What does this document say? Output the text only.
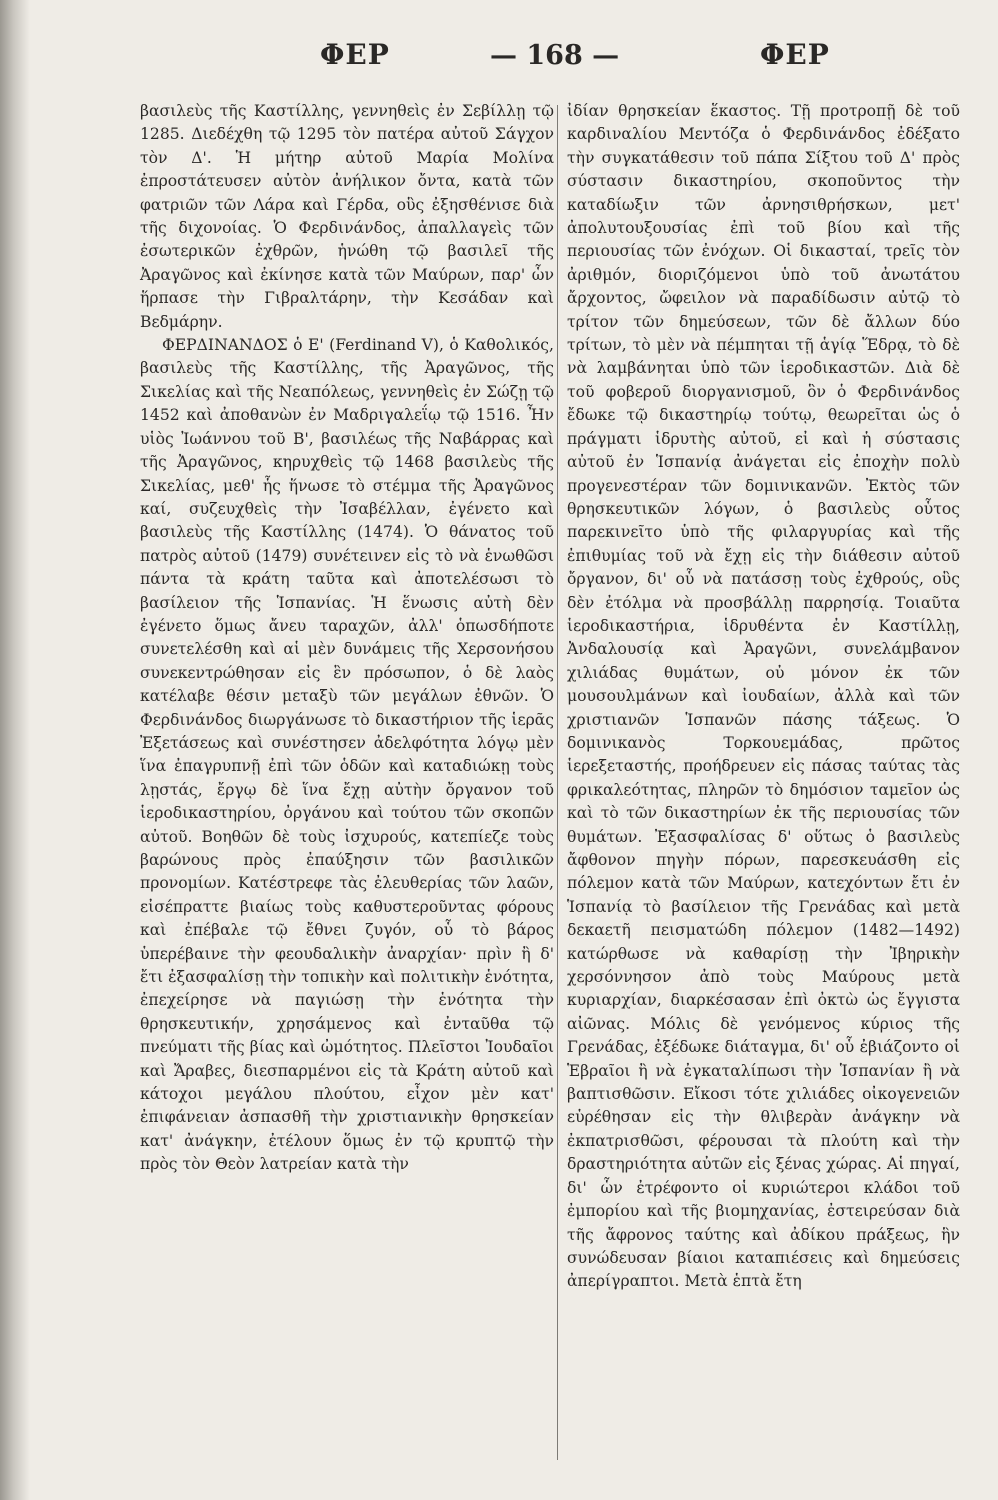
ΦΕΡ	— 168 —	ΦΕΡ

βασιλεὺς τῆς Καστίλλης, γεννηθεὶς ἐν Σεβίλλῃ τῷ 1285. Διεδέχθη τῷ 1295 τὸν πατέρα αὐτοῦ Σάγχον τὸν Δ'. Ἡ μήτηρ αὐτοῦ Μαρία Μολίνα ἐπροστάτευσεν αὐτὸν ἀνήλικον ὄντα, κατὰ τῶν φατριῶν τῶν Λάρα καὶ Γέρδα, οὓς ἐξησθένισε διὰ τῆς διχονοίας. Ὁ Φερδινάνδος, ἀπαλλαγεὶς τῶν ἐσωτερικῶν ἐχθρῶν, ἡνώθη τῷ βασιλεῖ τῆς Ἀραγῶνος καὶ ἐκίνησε κατὰ τῶν Μαύρων, παρ' ὧν ἥρπασε τὴν Γιβραλτάρην, τὴν Κεσάδαν καὶ Βεδμάρην.

ΦΕΡΔΙΝΑΝΔΟΣ ὁ Ε' (Ferdinand V), ὁ Καθολικός, βασιλεὺς τῆς Καστίλλης, τῆς Ἀραγῶνος, τῆς Σικελίας καὶ τῆς Νεαπόλεως, γεννηθεὶς ἐν Σώζῃ τῷ 1452 καὶ ἀποθανὼν ἐν Μαδριγαλεΐῳ τῷ 1516. Ἦν υἱὸς Ἰωάννου τοῦ Β', βασιλέως τῆς Ναβάρρας καὶ τῆς Ἀραγῶνος, κηρυχθεὶς τῷ 1468 βασιλεὺς τῆς Σικελίας, μεθ' ἧς ἥνωσε τὸ στέμμα τῆς Ἀραγῶνος καί, συζευχθεὶς τὴν Ἰσαβέλλαν, ἐγένετο καὶ βασιλεὺς τῆς Καστίλλης (1474). Ὁ θάνατος τοῦ πατρὸς αὐτοῦ (1479) συνέτεινεν εἰς τὸ νὰ ἑνωθῶσι πάντα τὰ κράτη ταῦτα καὶ ἀποτελέσωσι τὸ βασίλειον τῆς Ἱσπανίας. Ἡ ἕνωσις αὐτὴ δὲν ἐγένετο ὅμως ἄνευ ταραχῶν, ἀλλ' ὁπωσδήποτε συνετελέσθη καὶ αἱ μὲν δυνάμεις τῆς Χερσονήσου συνεκεντρώθησαν εἰς ἓν πρόσωπον, ὁ δὲ λαὸς κατέλαβε θέσιν μεταξὺ τῶν μεγάλων ἐθνῶν. Ὁ Φερδινάνδος διωργάνωσε τὸ δικαστήριον τῆς ἱερᾶς Ἐξετάσεως καὶ συνέστησεν ἀδελφότητα λόγῳ μὲν ἵνα ἐπαγρυπνῇ ἐπὶ τῶν ὁδῶν καὶ καταδιώκῃ τοὺς λῃστάς, ἔργῳ δὲ ἵνα ἔχῃ αὐτὴν ὄργανον τοῦ ἱεροδικαστηρίου, ὀργάνου καὶ τούτου τῶν σκοπῶν αὐτοῦ. Βοηθῶν δὲ τοὺς ἰσχυρούς, κατεπίεζε τοὺς βαρώνους πρὸς ἐπαύξησιν τῶν βασιλικῶν προνομίων. Κατέστρεφε τὰς ἐλευθερίας τῶν λαῶν, εἰσέπραττε βιαίως τοὺς καθυστεροῦντας φόρους καὶ ἐπέβαλε τῷ ἔθνει ζυγόν, οὗ τὸ βάρος ὑπερέβαινε τὴν φεουδαλικὴν ἀναρχίαν· πρὶν ἢ δ' ἔτι ἐξασφαλίσῃ τὴν τοπικὴν καὶ πολιτικὴν ἑνότητα, ἐπεχείρησε νὰ παγιώσῃ τὴν ἑνότητα τὴν θρησκευτικήν, χρησάμενος καὶ ἐνταῦθα τῷ πνεύματι τῆς βίας καὶ ὠμότητος. Πλεῖστοι Ἰουδαῖοι καὶ Ἄραβες, διεσπαρμένοι εἰς τὰ Κράτη αὐτοῦ καὶ κάτοχοι μεγάλου πλούτου, εἶχον μὲν κατ' ἐπιφάνειαν ἀσπασθῆ τὴν χριστιανικὴν θρησκείαν κατ' ἀνάγκην, ἐτέλουν ὅμως ἐν τῷ κρυπτῷ τὴν πρὸς τὸν Θεὸν λατρείαν κατὰ τὴν

ἰδίαν θρησκείαν ἕκαστος. Τῇ προτροπῇ δὲ τοῦ καρδιναλίου Μεντόζα ὁ Φερδινάνδος ἐδέξατο τὴν συγκατάθεσιν τοῦ πάπα Σίξτου τοῦ Δ' πρὸς σύστασιν δικαστηρίου, σκοποῦντος τὴν καταδίωξιν τῶν ἀρνησιθρήσκων, μετ' ἀπολυτουξουσίας ἐπὶ τοῦ βίου καὶ τῆς περιουσίας τῶν ἐνόχων. Οἱ δικασταί, τρεῖς τὸν ἀριθμόν, διοριζόμενοι ὑπὸ τοῦ ἀνωτάτου ἄρχοντος, ὤφειλον νὰ παραδίδωσιν αὐτῷ τὸ τρίτον τῶν δημεύσεων, τῶν δὲ ἄλλων δύο τρίτων, τὸ μὲν νὰ πέμπηται τῇ ἁγίᾳ Ἕδρᾳ, τὸ δὲ νὰ λαμβάνηται ὑπὸ τῶν ἱεροδικαστῶν. Διὰ δὲ τοῦ φοβεροῦ διοργανισμοῦ, ὃν ὁ Φερδινάνδος ἔδωκε τῷ δικαστηρίῳ τούτῳ, θεωρεῖται ὡς ὁ πράγματι ἱδρυτὴς αὐτοῦ, εἰ καὶ ἡ σύστασις αὐτοῦ ἐν Ἱσπανίᾳ ἀνάγεται εἰς ἐποχὴν πολὺ προγενεστέραν τῶν δομινικανῶν. Ἐκτὸς τῶν θρησκευτικῶν λόγων, ὁ βασιλεὺς οὗτος παρεκινεῖτο ὑπὸ τῆς φιλαργυρίας καὶ τῆς ἐπιθυμίας τοῦ νὰ ἔχῃ εἰς τὴν διάθεσιν αὐτοῦ ὄργανον, δι' οὗ νὰ πατάσσῃ τοὺς ἐχθρούς, οὓς δὲν ἐτόλμα νὰ προσβάλλῃ παρρησίᾳ. Τοιαῦτα ἱεροδικαστήρια, ἱδρυθέντα ἐν Καστίλλῃ, Ἀνδαλουσίᾳ καὶ Ἀραγῶνι, συνελάμβανον χιλιάδας θυμάτων, οὐ μόνον ἐκ τῶν μουσουλμάνων καὶ ἰουδαίων, ἀλλὰ καὶ τῶν χριστιανῶν Ἱσπανῶν πάσης τάξεως. Ὁ δομινικανὸς Τορκουεμάδας, πρῶτος ἱερεξεταστής, προήδρευεν εἰς πάσας ταύτας τὰς φρικαλεότητας, πληρῶν τὸ δημόσιον ταμεῖον ὡς καὶ τὸ τῶν δικαστηρίων ἐκ τῆς περιουσίας τῶν θυμάτων. Ἐξασφαλίσας δ' οὕτως ὁ βασιλεὺς ἄφθονον πηγὴν πόρων, παρεσκευάσθη εἰς πόλεμον κατὰ τῶν Μαύρων, κατεχόντων ἔτι ἐν Ἱσπανίᾳ τὸ βασίλειον τῆς Γρενάδας καὶ μετὰ δεκαετῆ πεισματώδη πόλεμον (1482—1492) κατώρθωσε νὰ καθαρίσῃ τὴν Ἰβηρικὴν χερσόννησον ἀπὸ τοὺς Μαύρους μετὰ κυριαρχίαν, διαρκέσασαν ἐπὶ ὀκτὼ ὡς ἔγγιστα αἰῶνας. Μόλις δὲ γενόμενος κύριος τῆς Γρενάδας, ἐξέδωκε διάταγμα, δι' οὗ ἐβιάζοντο οἱ Ἑβραῖοι ἢ νὰ ἐγκαταλίπωσι τὴν Ἱσπανίαν ἢ νὰ βαπτισθῶσιν. Εἴκοσι τότε χιλιάδες οἰκογενειῶν εὑρέθησαν εἰς τὴν θλιβερὰν ἀνάγκην νὰ ἐκπατρισθῶσι, φέρουσαι τὰ πλούτη καὶ τὴν δραστηριότητα αὐτῶν εἰς ξένας χώρας. Αἱ πηγαί, δι' ὧν ἐτρέφοντο οἱ κυριώτεροι κλάδοι τοῦ ἐμπορίου καὶ τῆς βιομηχανίας, ἐστειρεύσαν διὰ τῆς ἄφρονος ταύτης καὶ ἀδίκου πράξεως, ἣν συνώδευσαν βίαιοι καταπιέσεις καὶ δημεύσεις ἀπερίγραπτοι. Μετὰ ἑπτὰ ἔτη
